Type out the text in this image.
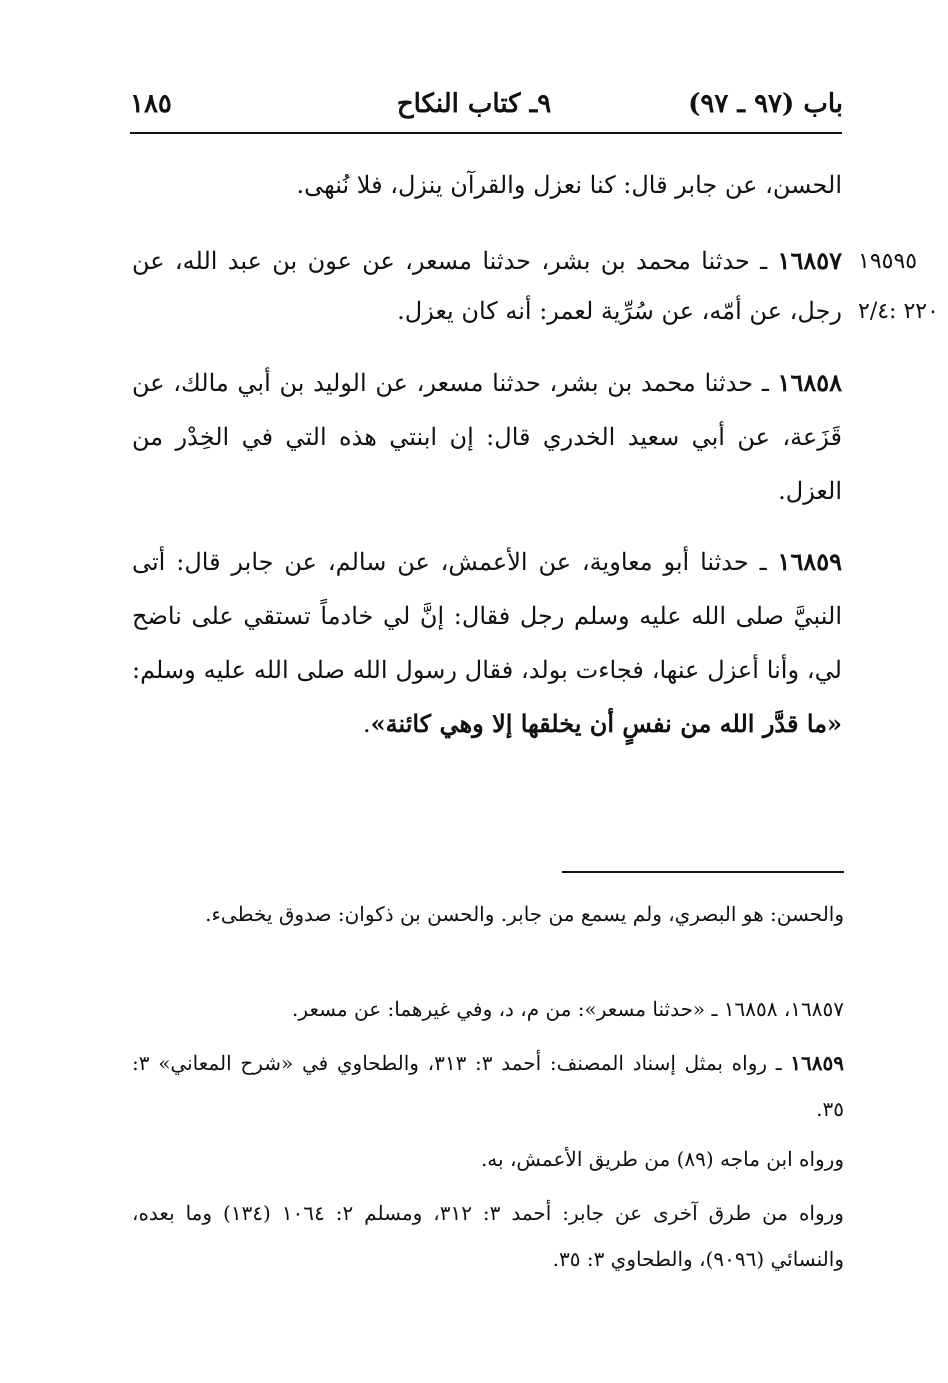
باب (٩٧ ـ ٩٧)
٩ـ كتاب النكاح
١٨٥
الحسن، عن جابر قال: كنا نعزل والقرآن ينزل، فلا نُنهى.
١٩٥٩٥
٢٢٠ :٢/٤
١٦٨٥٧ ـ حدثنا محمد بن بشر، حدثنا مسعر، عن عون بن عبد الله، عن رجل، عن أمّه، عن سُرِّية لعمر: أنه كان يعزل.
١٦٨٥٨ ـ حدثنا محمد بن بشر، حدثنا مسعر، عن الوليد بن أبي مالك، عن قَزَعة، عن أبي سعيد الخدري قال: إن ابنتي هذه التي في الخِدْر من العزل.
١٦٨٥٩ ـ حدثنا أبو معاوية، عن الأعمش، عن سالم، عن جابر قال: أتى النبيَّ صلى الله عليه وسلم رجل فقال: إنَّ لي خادماً تستقي على ناضح لي، وأنا أعزل عنها، فجاءت بولد، فقال رسول الله صلى الله عليه وسلم: «ما قدَّر الله من نفسٍ أن يخلقها إلا وهي كائنة».
والحسن: هو البصري، ولم يسمع من جابر. والحسن بن ذكوان: صدوق يخطىء.
١٦٨٥٧، ١٦٨٥٨ ـ «حدثنا مسعر»: من م، د، وفي غيرهما: عن مسعر.
١٦٨٥٩ ـ رواه بمثل إسناد المصنف: أحمد ٣: ٣١٣، والطحاوي في «شرح المعاني» ٣: ٣٥.
ورواه ابن ماجه (٨٩) من طريق الأعمش، به.
ورواه من طرق آخرى عن جابر: أحمد ٣: ٣١٢، ومسلم ٢: ١٠٦٤ (١٣٤) وما بعده، والنسائي (٩٠٩٦)، والطحاوي ٣: ٣٥.
